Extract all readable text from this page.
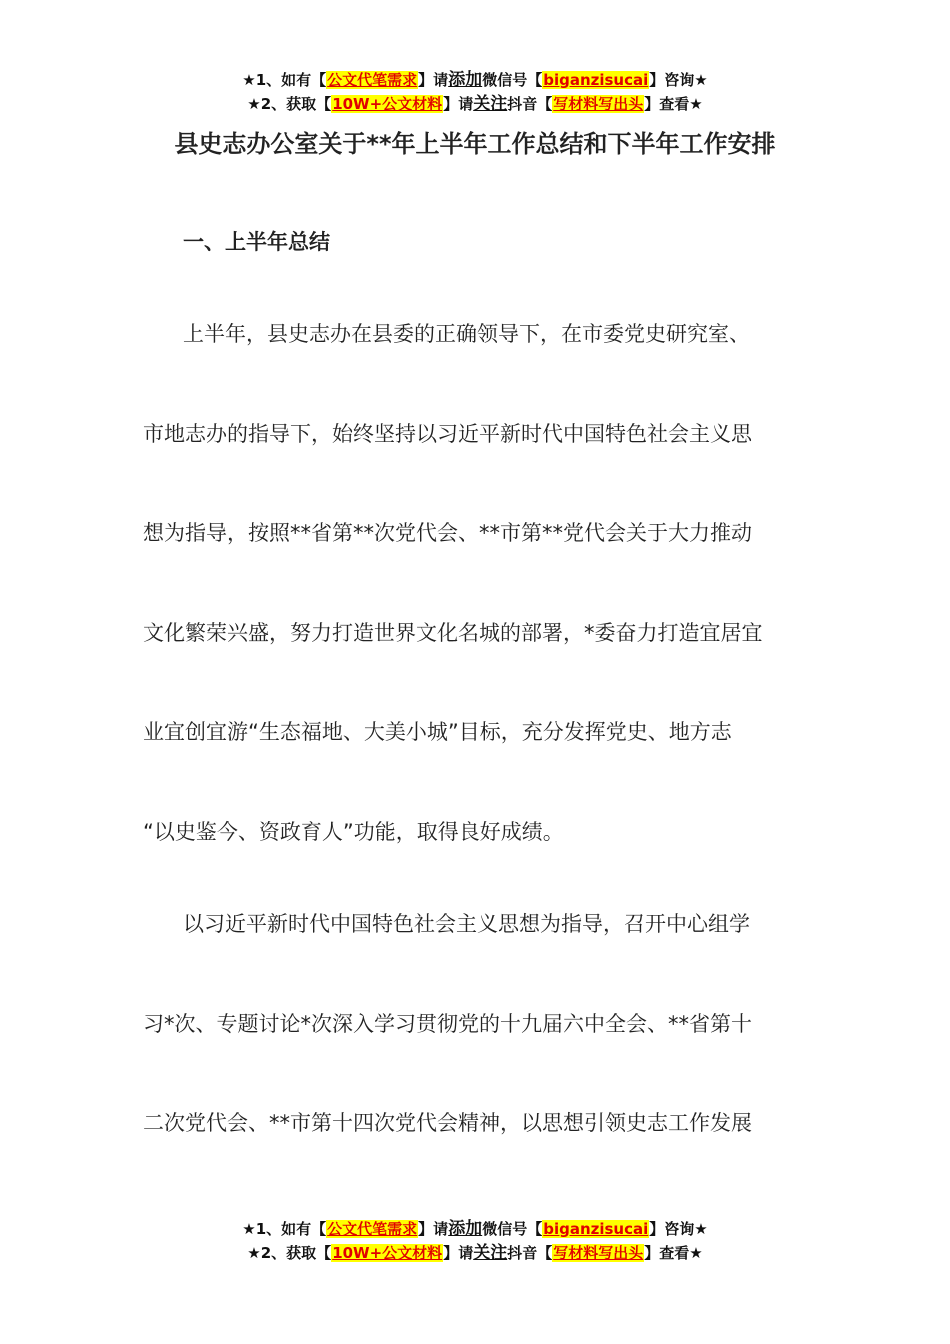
★1、如有【公文代笔需求】请添加微信号【biganzisucai】咨询★
★2、获取【10W+公文材料】请关注抖音【写材料写出头】查看★
县史志办公室关于**年上半年工作总结和下半年工作安排
一、上半年总结
上半年，县史志办在县委的正确领导下，在市委党史研究室、
市地志办的指导下，始终坚持以习近平新时代中国特色社会主义思
想为指导，按照**省第**次党代会、**市第**党代会关于大力推动
文化繁荣兴盛，努力打造世界文化名城的部署，*委奋力打造宜居宜
业宜创宜游“生态福地、大美小城”目标，充分发挥党史、地方志
“以史鉴今、资政育人”功能，取得良好成绩。
以习近平新时代中国特色社会主义思想为指导，召开中心组学
习*次、专题讨论*次深入学习贯彻党的十九届六中全会、**省第十
二次党代会、**市第十四次党代会精神，以思想引领史志工作发展
★1、如有【公文代笔需求】请添加微信号【biganzisucai】咨询★
★2、获取【10W+公文材料】请关注抖音【写材料写出头】查看★
